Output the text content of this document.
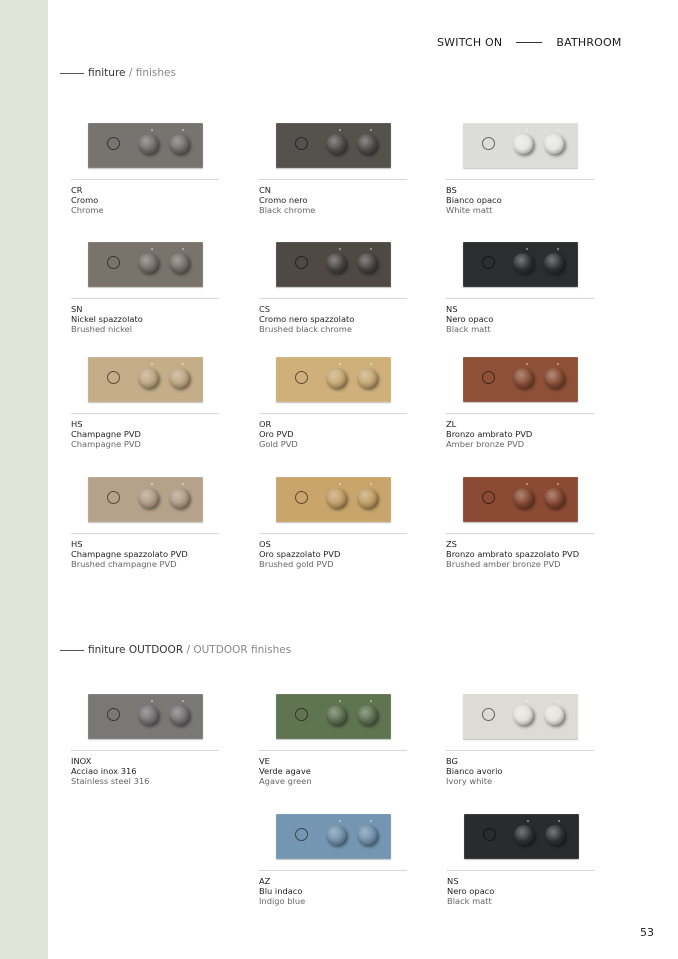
SWITCH ON	BATHROOM
finiture / finishes
finiture OUTDOOR / OUTDOOR finishes
CR
Cromo
Chrome
CN
Cromo nero
Black chrome
BS
Bianco opaco
White matt
SN
Nickel spazzolato
Brushed nickel
CS
Cromo nero spazzolato
Brushed black chrome
NS
Nero opaco
Black matt
HS
Champagne PVD
Champagne PVD
OR
Oro PVD
Gold PVD
ZL
Bronzo ambrato PVD
Amber bronze PVD
HS
Champagne spazzolato PVD
Brushed champagne PVD
OS
Oro spazzolato PVD
Brushed gold PVD
ZS
Bronzo ambrato spazzolato PVD
Brushed amber bronze PVD
INOX
Acciao inox 316
Stainless steel 316
VE
Verde agave
Agave green
BG
Bianco avorio
Ivory white
AZ
Blu indaco
Indigo blue
NS
Nero opaco
Black matt
53
